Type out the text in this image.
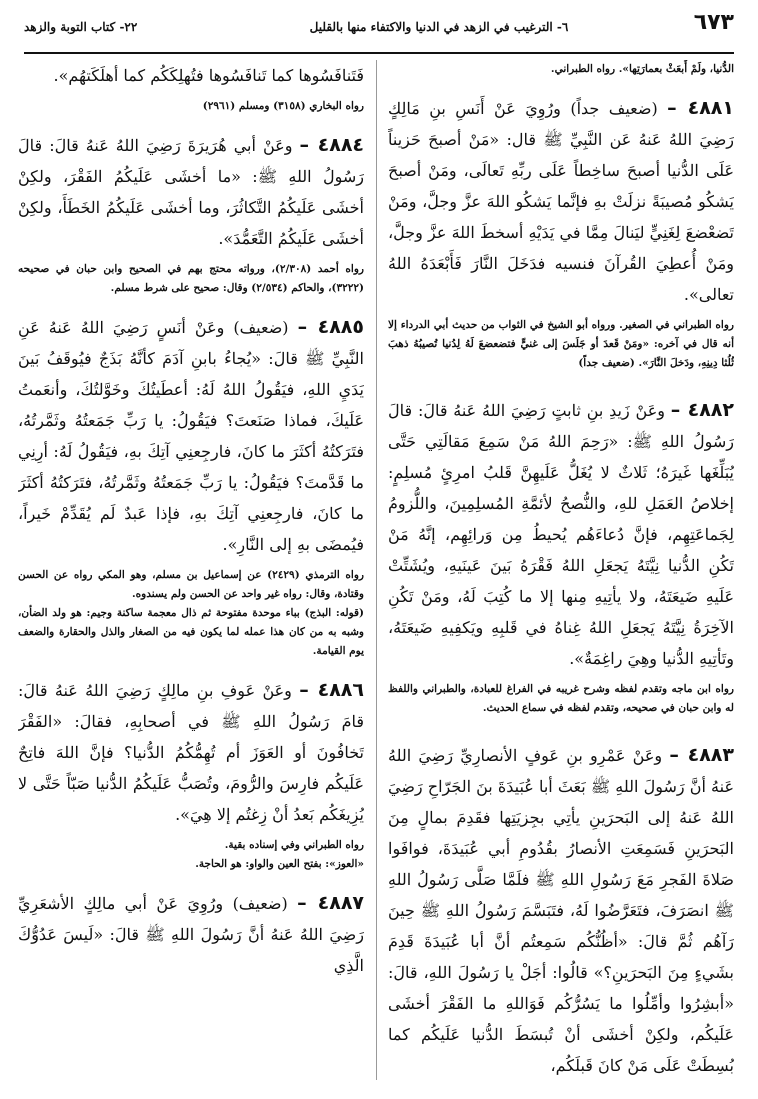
٦٧٣
٦- الترغيب في الزهد في الدنيا والاكتفاء منها بالقليل
٢٢- كتاب التوبة والزهد

الدُّنيا، ولَمْ أَبعَثْ بعمارَتِها». رواه الطبراني.

٤٨٨١ – (ضعيف جداً) ورُوِيَ عَنْ أَنَسِ بنِ مَالِكٍ رَضِيَ اللهُ عَنهُ عَن النَّبِيِّ ﷺ قال: «مَنْ أصبحَ حَزيناً عَلَى الدُّنيا أصبحَ ساخِطاً عَلَى ربِّهِ تَعالَى، ومَنْ أصبحَ يَشكُو مُصيبَةً نزلَتْ بهِ فإنَّما يَشكُو اللهَ عزَّ وجلَّ، ومَنْ تَضعْضعَ لِغَنِيٍّ ليَنالَ مِمَّا في يَدَيْهِ أسخطَ اللهَ عزَّ وجلَّ، ومَنْ أُعطِيَ القُرآنَ فنسيه فدَخَلَ النَّارَ فَأَبْعَدَهُ اللهُ تعالى».

رواه الطبراني في الصغير. ورواه أبو الشيخ في الثواب من حديث أبي الدرداء إلا أنه قال في آخره: «ومَنْ قَعدَ أو جَلَسَ إلى غنيٍّ فتضعضعَ لَهُ لِدُنيا تُصيبُهُ ذهبَ ثُلُثا دِينِهِ، ودَخلَ النَّارَ». (ضعيف جداً)

٤٨٨٢ – وعَنْ زَيدِ بنِ ثابتٍ رَضِيَ اللهُ عَنهُ قالَ: قالَ رَسُولُ اللهِ ﷺ: «رَحِمَ اللهُ مَنْ سَمِعَ مَقالَتِي حَتَّى يُبَلِّغَها غَيرَهُ؛ ثَلاثٌ لا يُغَلُّ عَلَيهِنَّ قَلبُ امرِئٍ مُسلِمٍ: إخلاصُ العَمَلِ للهِ، والنُّصحُ لأئمَّةِ المُسلِمِينَ، واللُّزومُ لِجَماعَتِهِم، فإنَّ دُعاءَهُم يُحيطُ مِن وَرائِهِم، إنَّهُ مَنْ تَكُنِ الدُّنيا نِيَّتَهُ يَجعَلِ اللهُ فَقْرَهُ بَينَ عَينَيهِ، ويُشَتِّتْ عَلَيهِ ضَيعَتَهُ، ولا يأتِيهِ مِنها إلا ما كُتِبَ لَهُ، ومَنْ تَكُنِ الآخِرَةُ نِيَّتَهُ يَجعَلِ اللهُ غِناهُ في قَلبِهِ ويَكفِيهِ ضَيعَتَهُ، وتَأتِيهِ الدُّنيا وهِيَ راغِمَةٌ».

رواه ابن ماجه وتقدم لفظه وشرح غريبه في الفراغ للعبادة، والطبراني واللفظ له وابن حبان في صحيحه، وتقدم لفظه في سماع الحديث.

٤٨٨٣ – وعَنْ عَمْرِو بنِ عَوفٍ الأنصارِيِّ رَضِيَ اللهُ عَنهُ أنَّ رَسُولَ اللهِ ﷺ بَعَثَ أبا عُبَيدَةَ بنَ الجَرّاحِ رَضِيَ اللهُ عَنهُ إلى البَحرَينِ يأتِي بجِزيَتِها فقَدِمَ بمالٍ مِنَ البَحرَينِ فَسَمِعَتِ الأنصارُ بقُدُومِ أبي عُبَيدَةَ، فوافَوا صَلاةَ الفَجرِ مَعَ رَسُولِ اللهِ ﷺ فلَمَّا صَلَّى رَسُولُ اللهِ ﷺ انصَرَفَ، فتَعَرَّضُوا لَهُ، فتَبَسَّمَ رَسُولُ اللهِ ﷺ حِينَ رَآهُم ثُمَّ قالَ: «أظُنُّكُم سَمِعتُم أنَّ أبا عُبَيدَةَ قَدِمَ بشَيءٍ مِنَ البَحرَينِ؟» قالُوا: أجَلْ يا رَسُولَ اللهِ، قالَ: «أبشِرُوا وأمِّلُوا ما يَسُرُّكُم فَوَاللهِ ما الفَقْرَ أخشَى عَلَيكُم، ولكِنْ أخشَى أنْ تُبسَطَ الدُّنيا عَلَيكُم كما بُسِطَتْ عَلَى مَنْ كانَ قَبلَكُم،

فَتَنافَسُوها كما تَنافَسُوها فتُهلِكَكُم كما أهلَكَتهُم».

رواه البخاري (٣١٥٨) ومسلم (٢٩٦١)

٤٨٨٤ – وعَنْ أبي هُرَيرَةَ رَضِيَ اللهُ عَنهُ قالَ: قالَ رَسُولُ اللهِ ﷺ: «ما أخشَى عَلَيكُمُ الفَقْرَ، ولكِنْ أخشَى عَلَيكُمُ التَّكاثُرَ، وما أخشَى عَلَيكُمُ الخَطَأَ، ولكِنْ أخشَى عَلَيكُمُ التَّعَمُّدَ».

رواه أحمد (٢/٣٠٨)، ورواته محتج بهم في الصحيح وابن حبان في صحيحه (٣٢٢٢)، والحاكم (٢/٥٣٤) وقال: صحيح على شرط مسلم.

٤٨٨٥ – (ضعيف) وعَنْ أنَسٍ رَضِيَ اللهُ عَنهُ عَنِ النَّبِيِّ ﷺ قالَ: «يُجاءُ بابنِ آدَمَ كأنَّهُ بَذَجٌ فيُوقَفُ بَينَ يَدَيِ اللهِ، فيَقُولُ اللهُ لَهُ: أعطَيتُكَ وخَوَّلتُكَ، وأنعَمتُ عَلَيكَ، فماذا صَنَعتَ؟ فيَقُولُ: يا رَبِّ جَمَعتُهُ وثَمَّرتُهُ، فتَرَكتُهُ أكثَرَ ما كانَ، فارجِعنِي آتِكَ بهِ، فيَقُولُ لَهُ: أرِنِي ما قَدَّمتَ؟ فيَقُولُ: يا رَبِّ جَمَعتُهُ وثَمَّرتُهُ، فتَرَكتُهُ أكثَرَ ما كانَ، فارجِعنِي آتِكَ بهِ، فإذا عَبدٌ لَم يُقَدِّمْ خَيراً، فيُمضَى بهِ إلى النَّارِ».

رواه الترمذي (٢٤٢٩) عن إسماعيل بن مسلم، وهو المكي رواه عن الحسن وقتادة، وقال: رواه غير واحد عن الحسن ولم يسندوه.

(قوله: البذج) بباء موحدة مفتوحة ثم ذال معجمة ساكنة وجيم: هو ولد الضأن، وشبه به من كان هذا عمله لما يكون فيه من الصغار والذل والحقارة والضعف يوم القيامة.

٤٨٨٦ – وعَنْ عَوفِ بنِ مالِكٍ رَضِيَ اللهُ عَنهُ قالَ: قامَ رَسُولُ اللهِ ﷺ في أصحابِهِ، فقالَ: «الفَقْرَ تَخافُونَ أو العَوَزَ أم تُهِمُّكُمُ الدُّنيا؟ فإنَّ اللهَ فاتِحٌ عَلَيكُم فارِسَ والرُّومَ، وتُصَبُّ عَلَيكُمُ الدُّنيا صَبّاً حَتَّى لا يُزِيغَكُم بَعدُ أنْ زِغتُم إلا هِيَ».

رواه الطبراني وفي إسناده بقية.

«العوز»: بفتح العين والواو: هو الحاجة.

٤٨٨٧ – (ضعيف) ورُوِيَ عَنْ أبي مالِكٍ الأشعَرِيِّ رَضِيَ اللهُ عَنهُ أنَّ رَسُولَ اللهِ ﷺ قالَ: «لَيسَ عَدُوُّكَ الَّذِي
